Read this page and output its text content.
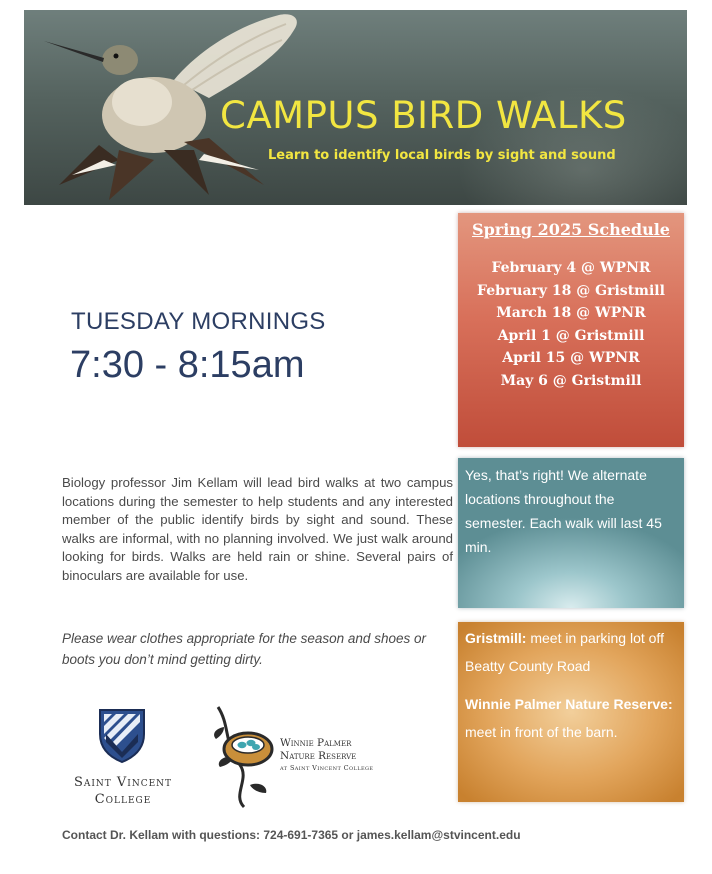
CAMPUS BIRD WALKS
Learn to identify local birds by sight and sound
Spring 2025 Schedule
February 4 @ WPNR
February 18 @ Gristmill
March 18 @ WPNR
April 1 @ Gristmill
April 15 @ WPNR
May 6 @ Gristmill
TUESDAY MORNINGS
7:30 - 8:15am

Yes, that’s right! We alternate locations throughout the semester. Each walk will last 45 min.

Biology professor Jim Kellam will lead bird walks at two campus locations during the semester to help students and any interested member of the public identify birds by sight and sound. These walks are informal, with no planning involved. We just walk around looking for birds. Walks are held rain or shine. Several pairs of binoculars are available for use.
Please wear clothes appropriate for the season and shoes or boots you don’t mind getting dirty.

Gristmill: meet in parking lot off Beatty County Road

Winnie Palmer Nature Reserve: meet in front of the barn.

Saint Vincent
College
Winnie Palmer
Nature Reserve
at Saint Vincent College
Contact Dr. Kellam with questions: 724-691-7365 or james.kellam@stvincent.edu
